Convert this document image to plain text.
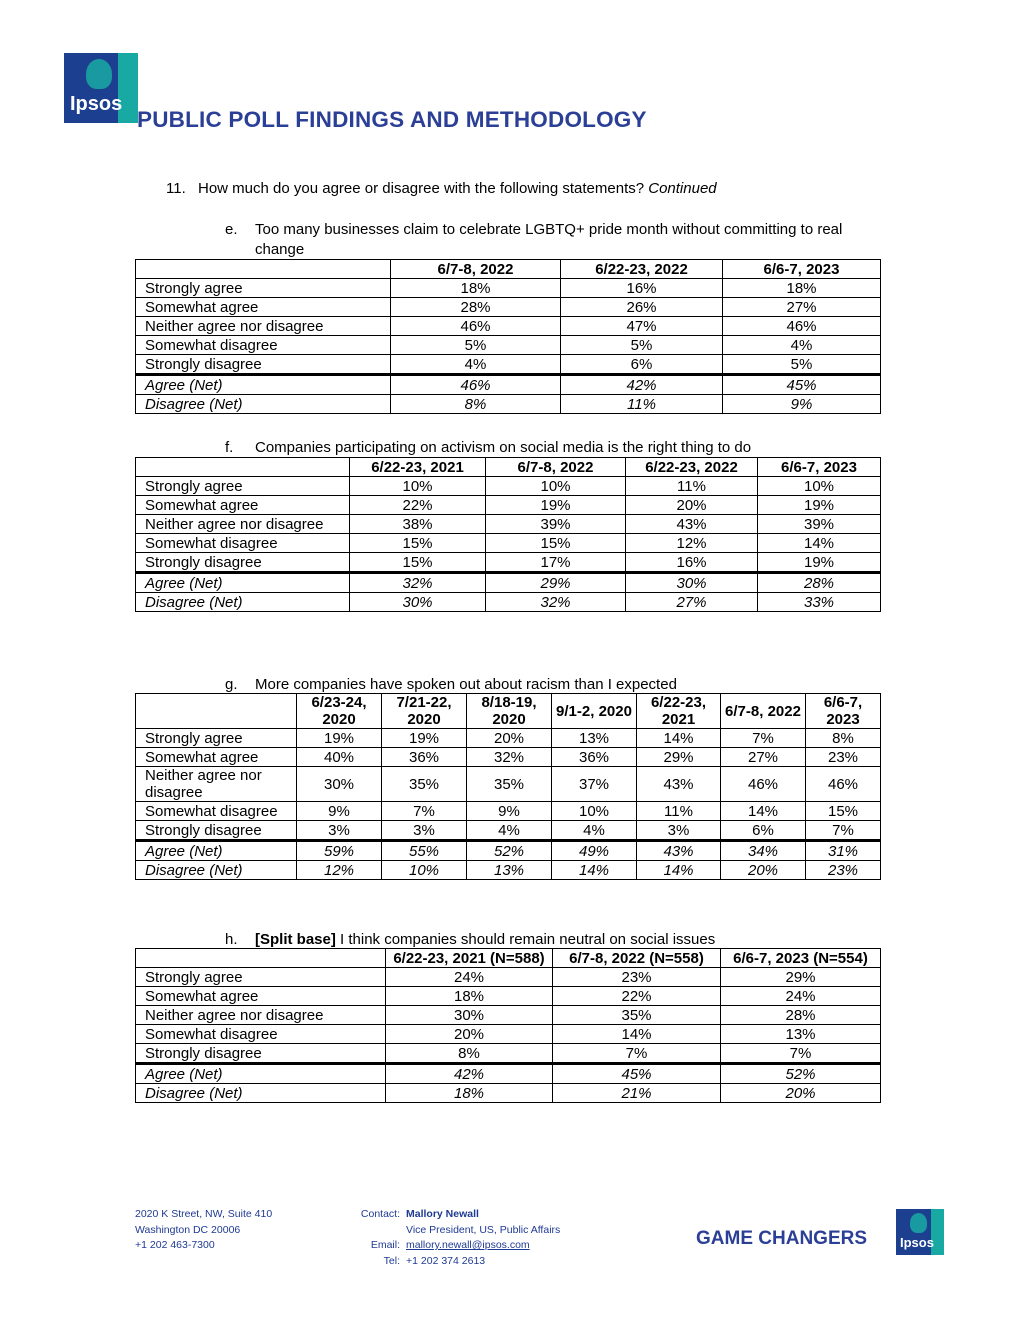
Ipsos
PUBLIC POLL FINDINGS AND METHODOLOGY
11. How much do you agree or disagree with the following statements? Continued
e. Too many businesses claim to celebrate LGBTQ+ pride month without committing to real change
	6/7-8, 2022	6/22-23, 2022	6/6-7, 2023
Strongly agree	18%	16%	18%
Somewhat agree	28%	26%	27%
Neither agree nor disagree	46%	47%	46%
Somewhat disagree	5%	5%	4%
Strongly disagree	4%	6%	5%
Agree (Net)	46%	42%	45%
Disagree (Net)	8%	11%	9%
f. Companies participating on activism on social media is the right thing to do
	6/22-23, 2021	6/7-8, 2022	6/22-23, 2022	6/6-7, 2023
Strongly agree	10%	10%	11%	10%
Somewhat agree	22%	19%	20%	19%
Neither agree nor disagree	38%	39%	43%	39%
Somewhat disagree	15%	15%	12%	14%
Strongly disagree	15%	17%	16%	19%
Agree (Net)	32%	29%	30%	28%
Disagree (Net)	30%	32%	27%	33%
g. More companies have spoken out about racism than I expected
	6/23-24, 2020	7/21-22, 2020	8/18-19, 2020	9/1-2, 2020	6/22-23, 2021	6/7-8, 2022	6/6-7, 2023
Strongly agree	19%	19%	20%	13%	14%	7%	8%
Somewhat agree	40%	36%	32%	36%	29%	27%	23%
Neither agree nor disagree	30%	35%	35%	37%	43%	46%	46%
Somewhat disagree	9%	7%	9%	10%	11%	14%	15%
Strongly disagree	3%	3%	4%	4%	3%	6%	7%
Agree (Net)	59%	55%	52%	49%	43%	34%	31%
Disagree (Net)	12%	10%	13%	14%	14%	20%	23%
h. [Split base] I think companies should remain neutral on social issues
	6/22-23, 2021 (N=588)	6/7-8, 2022 (N=558)	6/6-7, 2023 (N=554)
Strongly agree	24%	23%	29%
Somewhat agree	18%	22%	24%
Neither agree nor disagree	30%	35%	28%
Somewhat disagree	20%	14%	13%
Strongly disagree	8%	7%	7%
Agree (Net)	42%	45%	52%
Disagree (Net)	18%	21%	20%
2020 K Street, NW, Suite 410
Washington DC 20006
+1 202 463-7300
Contact:

Email:
Tel:
Mallory Newall
Vice President, US, Public Affairs
mallory.newall@ipsos.com
+1 202 374 2613
GAME CHANGERS	Ipsos
